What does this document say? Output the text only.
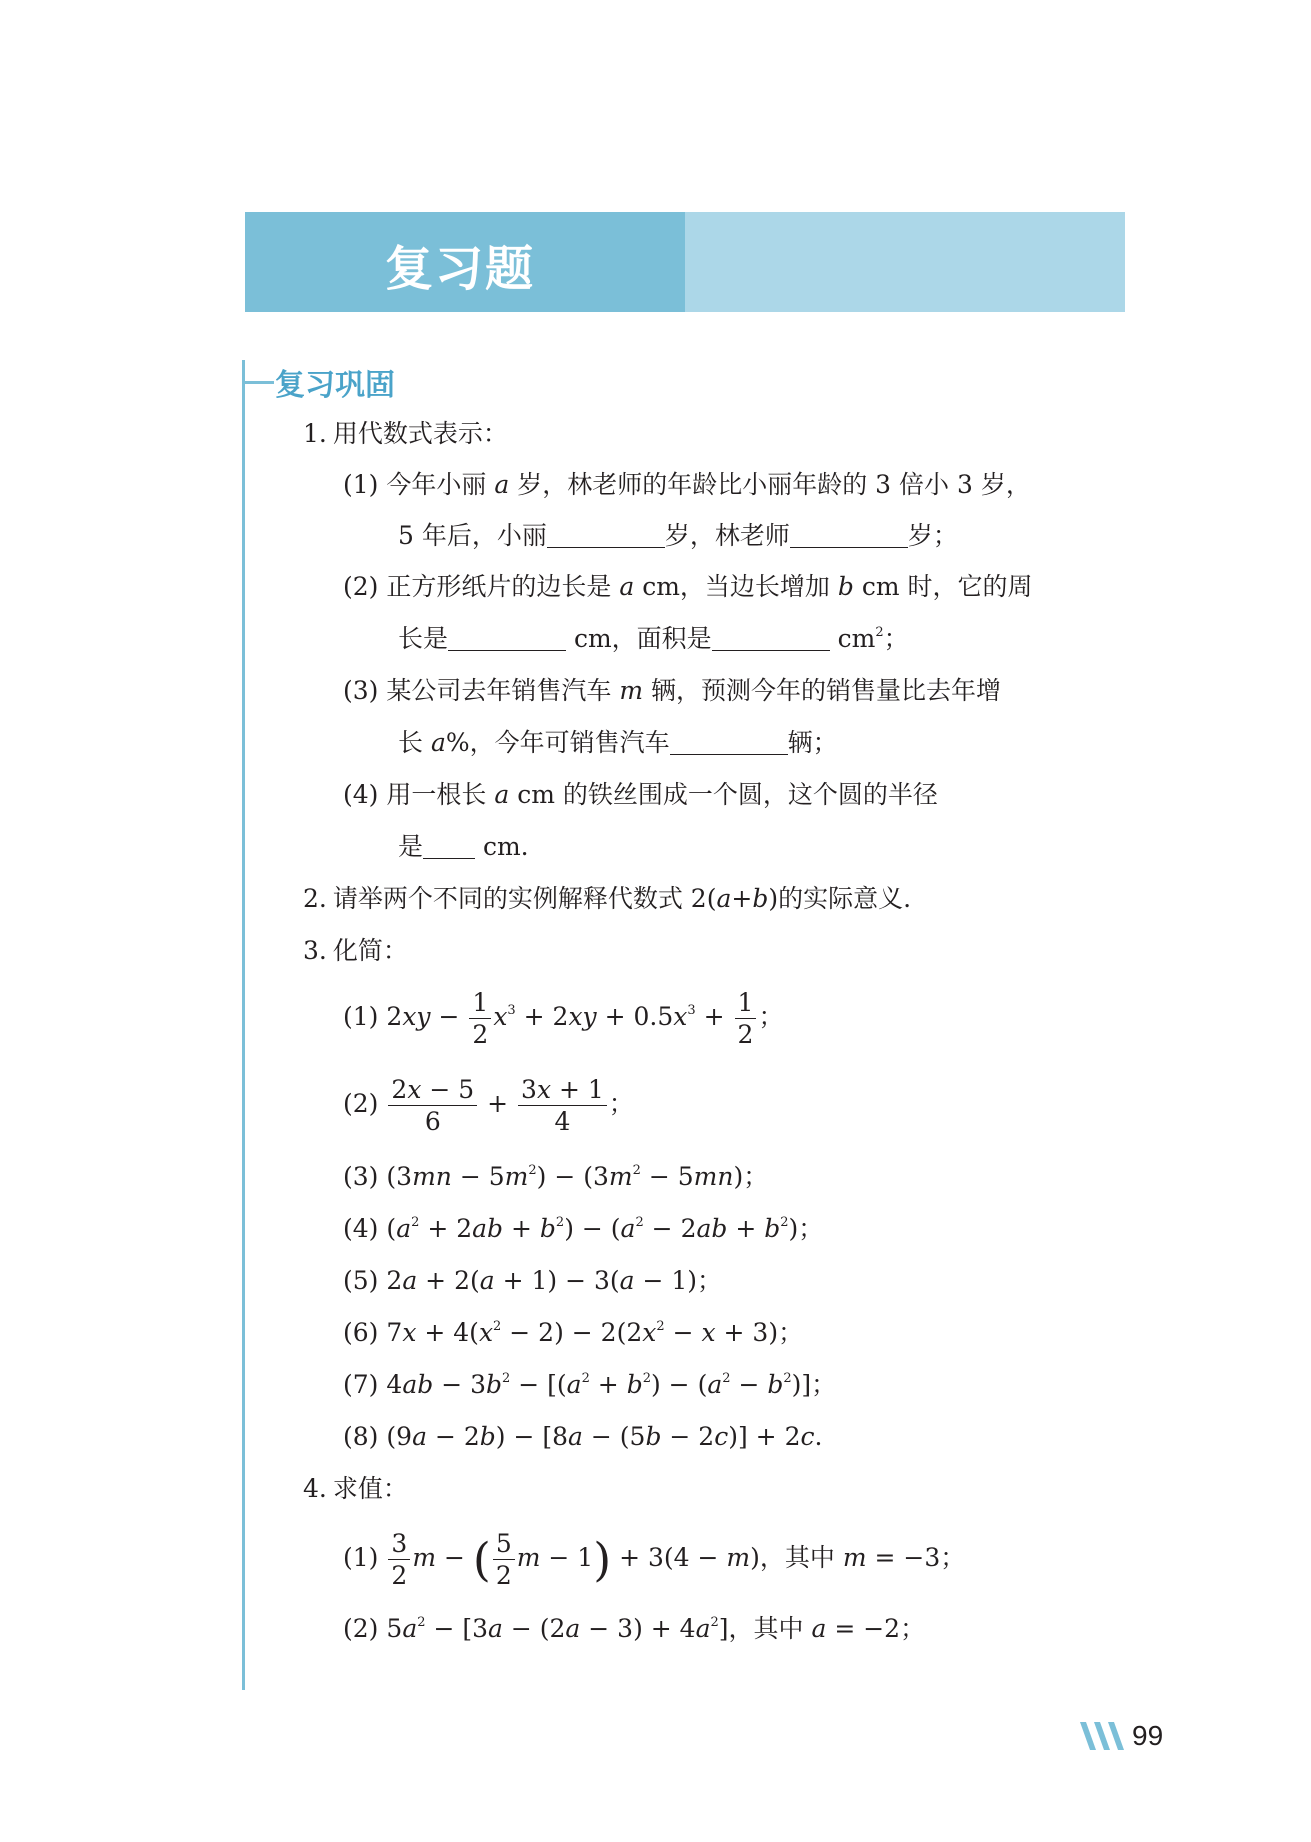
复习题
复习巩固
1. 用代数式表示：
(1) 今年小丽 a 岁，林老师的年龄比小丽年龄的 3 倍小 3 岁，
5 年后，小丽	岁，林老师	岁；
(2) 正方形纸片的边长是 a cm，当边长增加 b cm 时，它的周
长是	cm，面积是	$cm^2$；
(3) 某公司去年销售汽车 m 辆，预测今年的销售量比去年增
长 a%，今年可销售汽车	辆；
(4) 用一根长 a cm 的铁丝围成一个圆，这个圆的半径
是 cm.
2. 请举两个不同的实例解释代数式 2(a+b)的实际意义.
3. 化简：
(1) $2xy - \frac{1}{2} x^3 + 2xy + 0.5x^3 + \frac{1}{2}$ ；
$(2) \frac{2x - 5}{6} + \frac{3x + 1}{4}$ ；
(3) $(3mn - 5m^2) - (3m^2 - 5mn)$；
(4) $(a^2 + 2ab + b^2) - (a^2 - 2ab + b^2)$；
(5) 2a + 2(a + 1) − 3(a − 1)；
(6) $7x + 4(x^2 - 2) - 2(2x^2 - x + 3)$；
(7) $4ab - 3b^2 - [(a^2 + b^2) - (a^2 - b^2)]$；
(8) (9a − 2b) − [8a − (5b − 2c)] + 2c.
4. 求值：
$(1) \frac{3}{2}$ m − ( $\frac{5}{2}$ m − 1) + 3(4 − m)，其中 m = −3；
(2) $5a^2 - [3a - (2a - 3) + 4a^2]$，其中 a = −2；
99
